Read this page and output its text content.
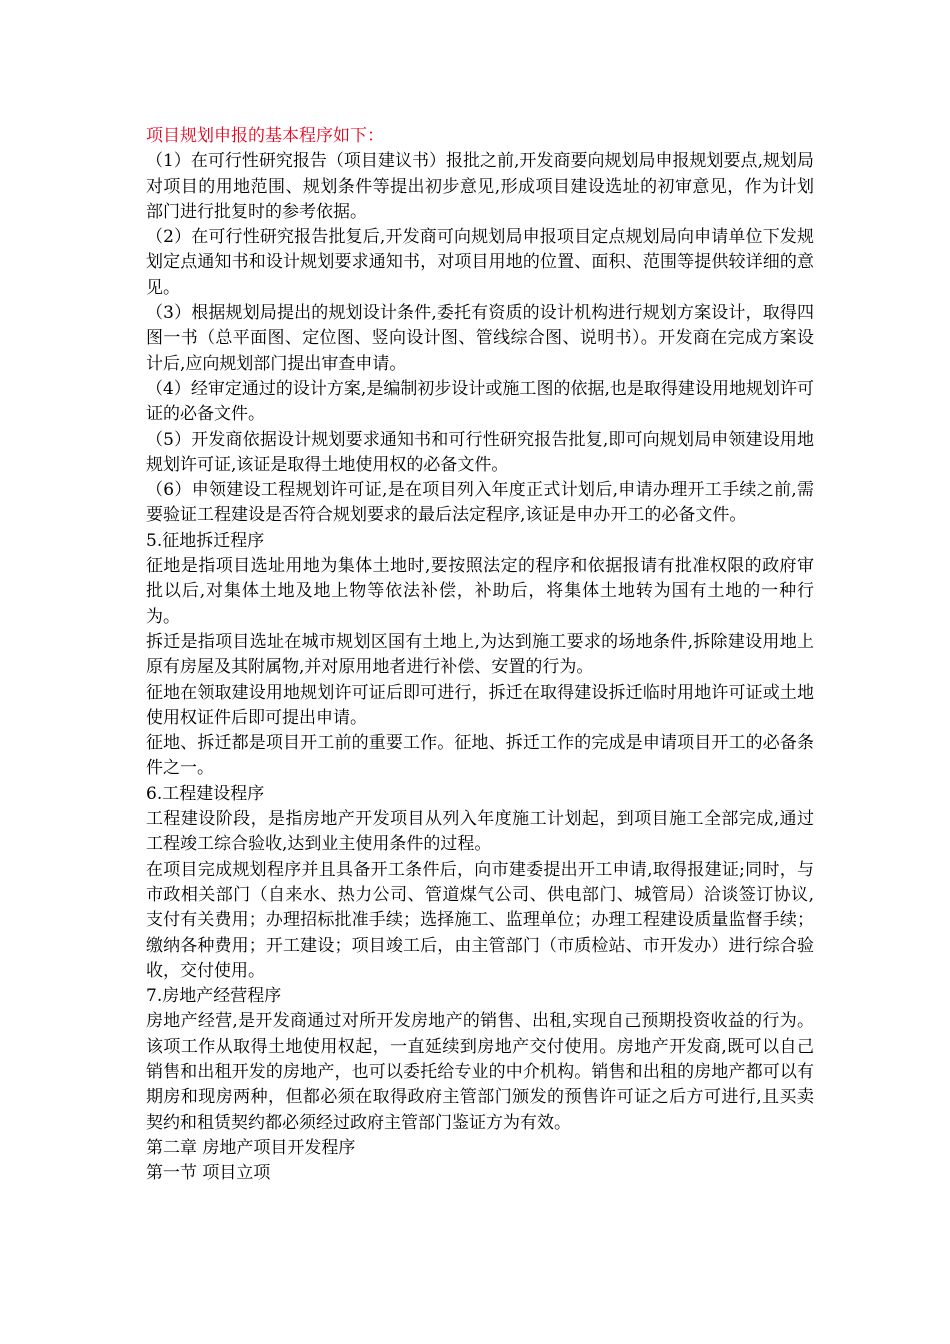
项目规划申报的基本程序如下：

（1）在可行性研究报告（项目建议书）报批之前,开发商要向规划局申报规划要点,规划局对项目的用地范围、规划条件等提出初步意见,形成项目建设选址的初审意见，作为计划部门进行批复时的参考依据。

（2）在可行性研究报告批复后,开发商可向规划局申报项目定点规划局向申请单位下发规划定点通知书和设计规划要求通知书，对项目用地的位置、面积、范围等提供较详细的意见。

（3）根据规划局提出的规划设计条件,委托有资质的设计机构进行规划方案设计，取得四图一书（总平面图、定位图、竖向设计图、管线综合图、说明书）。开发商在完成方案设计后,应向规划部门提出审查申请。

（4）经审定通过的设计方案,是编制初步设计或施工图的依据,也是取得建设用地规划许可证的必备文件。

（5）开发商依据设计规划要求通知书和可行性研究报告批复,即可向规划局申领建设用地规划许可证,该证是取得土地使用权的必备文件。

（6）申领建设工程规划许可证,是在项目列入年度正式计划后,申请办理开工手续之前,需要验证工程建设是否符合规划要求的最后法定程序,该证是申办开工的必备文件。

5.征地拆迁程序

征地是指项目选址用地为集体土地时,要按照法定的程序和依据报请有批准权限的政府审批以后,对集体土地及地上物等依法补偿，补助后，将集体土地转为国有土地的一种行为。

拆迁是指项目选址在城市规划区国有土地上,为达到施工要求的场地条件,拆除建设用地上原有房屋及其附属物,并对原用地者进行补偿、安置的行为。

征地在领取建设用地规划许可证后即可进行，拆迁在取得建设拆迁临时用地许可证或土地使用权证件后即可提出申请。

征地、拆迁都是项目开工前的重要工作。征地、拆迁工作的完成是申请项目开工的必备条件之一。

6.工程建设程序

工程建设阶段，是指房地产开发项目从列入年度施工计划起，到项目施工全部完成,通过工程竣工综合验收,达到业主使用条件的过程。

在项目完成规划程序并且具备开工条件后，向市建委提出开工申请,取得报建证;同时，与市政相关部门（自来水、热力公司、管道煤气公司、供电部门、城管局）洽谈签订协议,支付有关费用；办理招标批准手续；选择施工、监理单位；办理工程建设质量监督手续；缴纳各种费用；开工建设；项目竣工后，由主管部门（市质检站、市开发办）进行综合验收，交付使用。

7.房地产经营程序

房地产经营,是开发商通过对所开发房地产的销售、出租,实现自己预期投资收益的行为。该项工作从取得土地使用权起，一直延续到房地产交付使用。房地产开发商,既可以自己销售和出租开发的房地产，也可以委托给专业的中介机构。销售和出租的房地产都可以有期房和现房两种，但都必须在取得政府主管部门颁发的预售许可证之后方可进行,且买卖契约和租赁契约都必须经过政府主管部门鉴证方为有效。

第二章 房地产项目开发程序

第一节 项目立项
